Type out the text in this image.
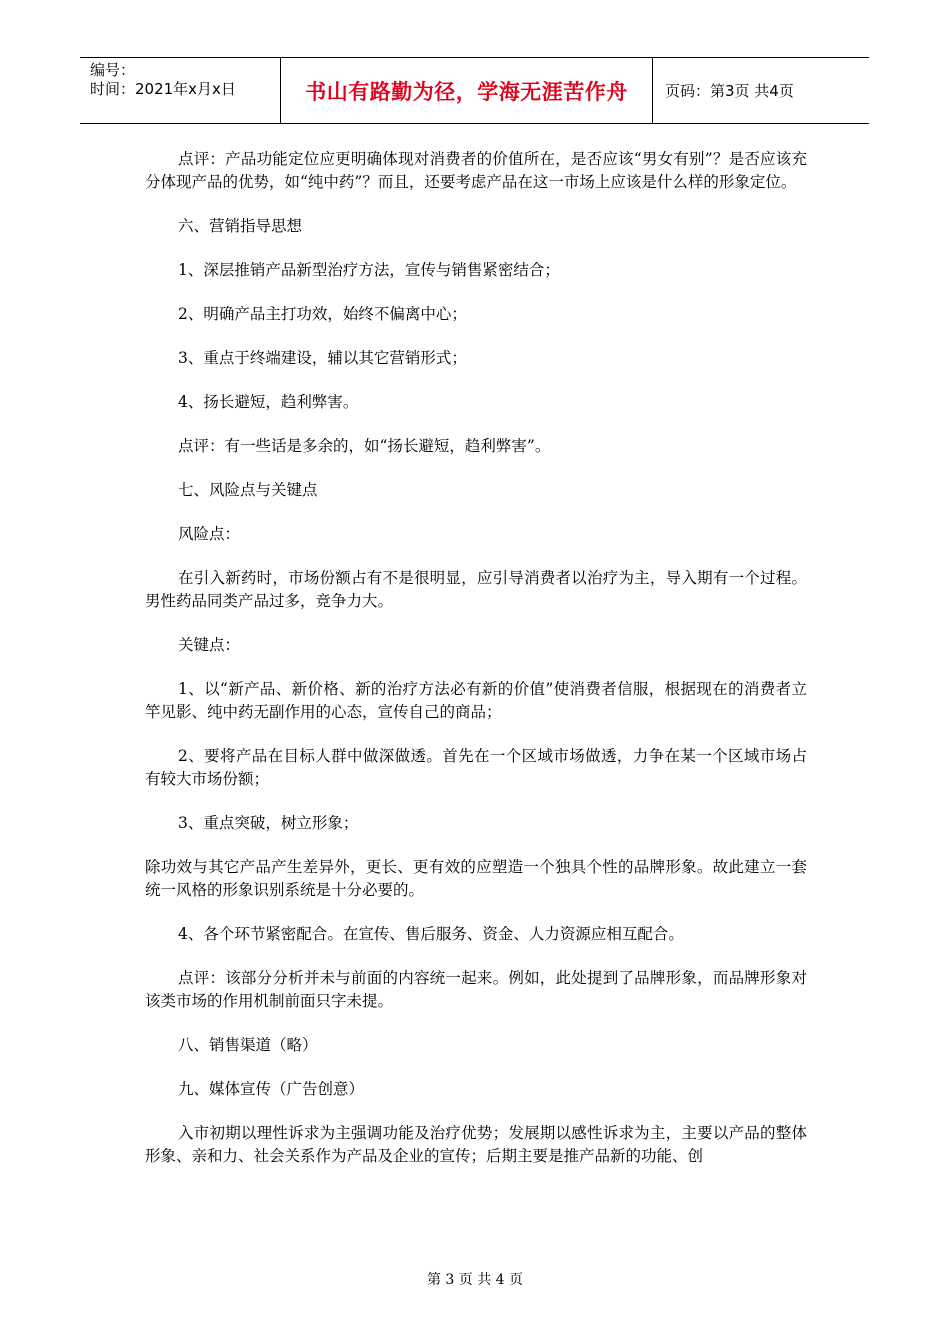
编号：
时间：2021年x月x日	书山有路勤为径，学海无涯苦作舟	页码：第3页 共4页

点评：产品功能定位应更明确体现对消费者的价值所在，是否应该“男女有别”？是否应该充分体现产品的优势，如“纯中药”？而且，还要考虑产品在这一市场上应该是什么样的形象定位。

六、营销指导思想

1、深层推销产品新型治疗方法，宣传与销售紧密结合；

2、明确产品主打功效，始终不偏离中心；

3、重点于终端建设，辅以其它营销形式；

4、扬长避短，趋利弊害。

点评：有一些话是多余的，如“扬长避短，趋利弊害”。

七、风险点与关键点

风险点：

在引入新药时，市场份额占有不是很明显，应引导消费者以治疗为主，导入期有一个过程。男性药品同类产品过多，竞争力大。

关键点：

1、以“新产品、新价格、新的治疗方法必有新的价值”使消费者信服，根据现在的消费者立竿见影、纯中药无副作用的心态，宣传自己的商品；

2、要将产品在目标人群中做深做透。首先在一个区域市场做透，力争在某一个区域市场占有较大市场份额；

3、重点突破，树立形象；

除功效与其它产品产生差异外，更长、更有效的应塑造一个独具个性的品牌形象。故此建立一套统一风格的形象识别系统是十分必要的。

4、各个环节紧密配合。在宣传、售后服务、资金、人力资源应相互配合。

点评：该部分分析并未与前面的内容统一起来。例如，此处提到了品牌形象，而品牌形象对该类市场的作用机制前面只字未提。

八、销售渠道（略）

九、媒体宣传（广告创意）

入市初期以理性诉求为主强调功能及治疗优势；发展期以感性诉求为主，主要以产品的整体形象、亲和力、社会关系作为产品及企业的宣传；后期主要是推产品新的功能、创

第 3 页 共 4 页
